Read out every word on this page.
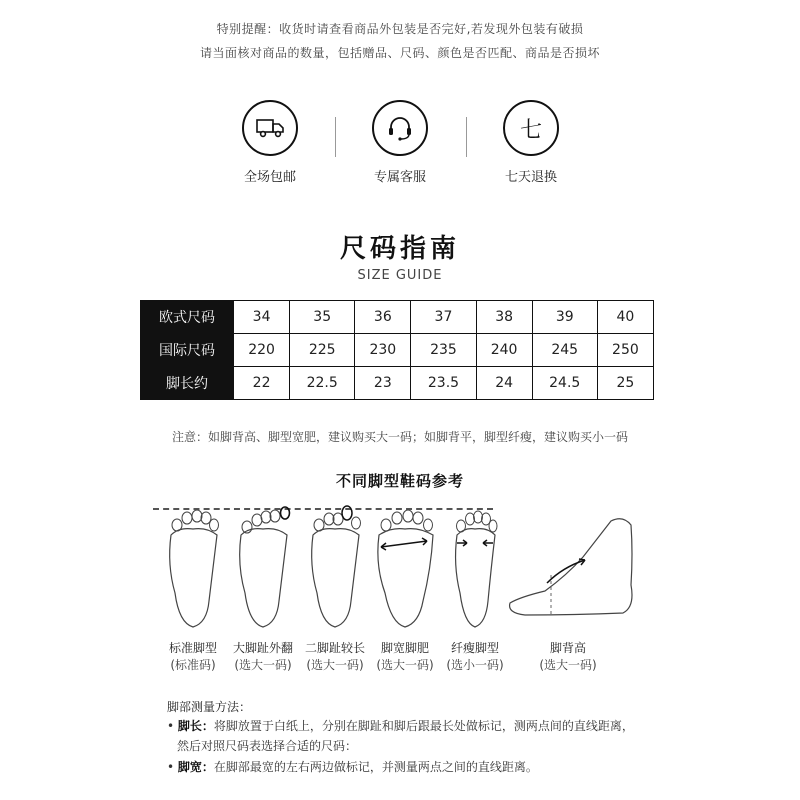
特别提醒：收货时请查看商品外包装是否完好,若发现外包装有破损
请当面核对商品的数量，包括赠品、尺码、颜色是否匹配、商品是否损坏
全场包邮	专属客服
七
七天退换
尺码指南
SIZE GUIDE
欧式尺码	34	35	36	37	38	39	40
国际尺码	220	225	230	235	240	245	250
脚长约	22	22.5	23	23.5	24	24.5	25
注意：如脚背高、脚型宽肥，建议购买大一码；如脚背平，脚型纤瘦，建议购买小一码
不同脚型鞋码参考
标准脚型
(标准码)
大脚趾外翻
(选大一码)
二脚趾较长
(选大一码)
脚宽脚肥
(选大一码)
纤瘦脚型
(选小一码)
脚背高
(选大一码)
脚部测量方法：
• 脚长：将脚放置于白纸上，分别在脚趾和脚后跟最长处做标记，测两点间的直线距离，
然后对照尺码表选择合适的尺码：
• 脚宽：在脚部最宽的左右两边做标记，并测量两点之间的直线距离。
